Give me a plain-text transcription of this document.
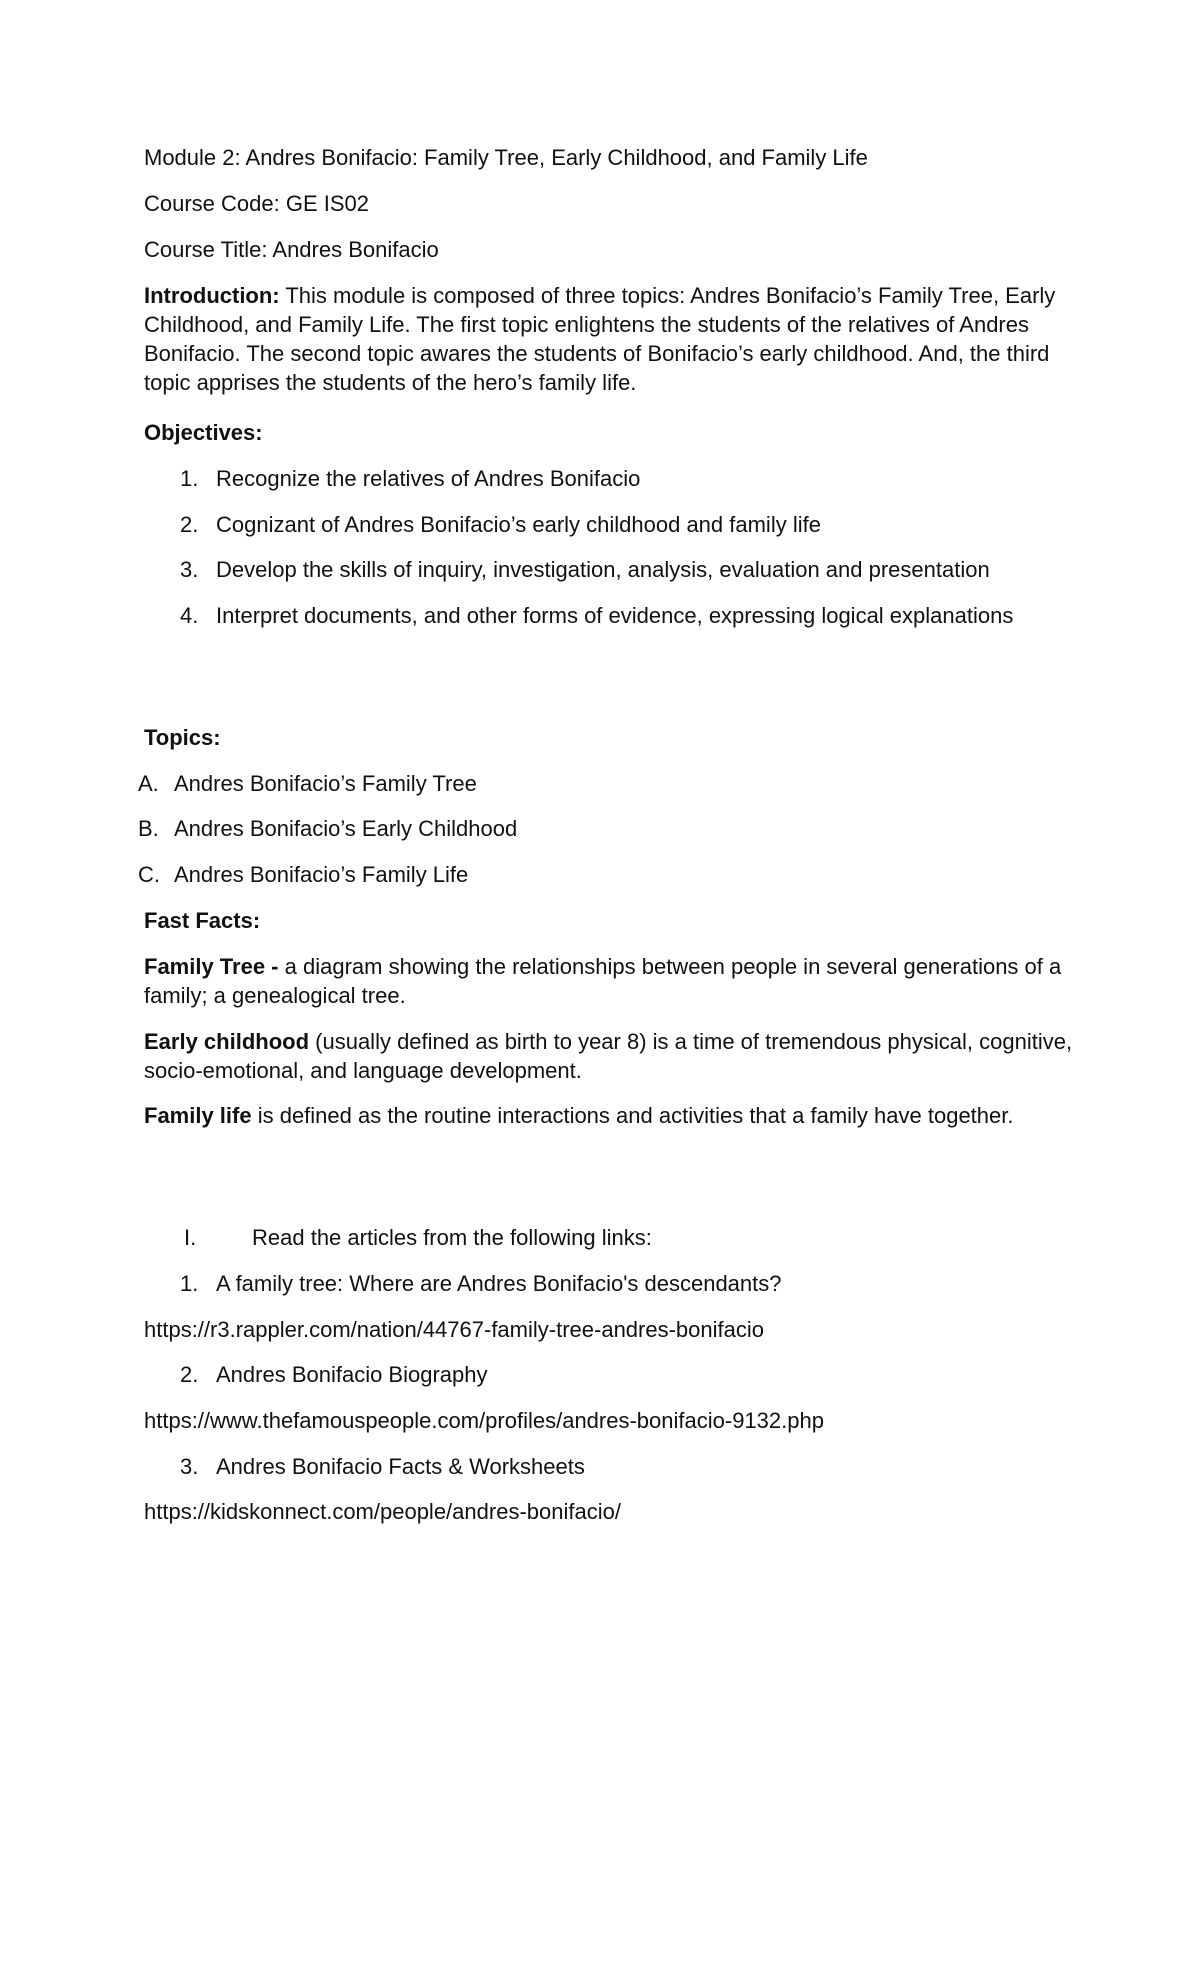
Module 2: Andres Bonifacio: Family Tree, Early Childhood, and Family Life
Course Code: GE IS02
Course Title: Andres Bonifacio
Introduction: This module is composed of three topics: Andres Bonifacio’s Family Tree, Early Childhood, and Family Life. The first topic enlightens the students of the relatives of Andres Bonifacio. The second topic awares the students of Bonifacio’s early childhood. And, the third topic apprises the students of the hero’s family life.
Objectives:
1. Recognize the relatives of Andres Bonifacio
2. Cognizant of Andres Bonifacio’s early childhood and family life
3. Develop the skills of inquiry, investigation, analysis, evaluation and presentation
4. Interpret documents, and other forms of evidence, expressing logical explanations
Topics:
A. Andres Bonifacio’s Family Tree
B. Andres Bonifacio’s Early Childhood
C. Andres Bonifacio’s Family Life
Fast Facts:
Family Tree - a diagram showing the relationships between people in several generations of a family; a genealogical tree.
Early childhood (usually defined as birth to year 8) is a time of tremendous physical, cognitive, socio-emotional, and language development.
Family life is defined as the routine interactions and activities that a family have together.
I.	Read the articles from the following links:
1. A family tree: Where are Andres Bonifacio's descendants?
https://r3.rappler.com/nation/44767-family-tree-andres-bonifacio
2. Andres Bonifacio Biography
https://www.thefamouspeople.com/profiles/andres-bonifacio-9132.php
3. Andres Bonifacio Facts & Worksheets
https://kidskonnect.com/people/andres-bonifacio/
